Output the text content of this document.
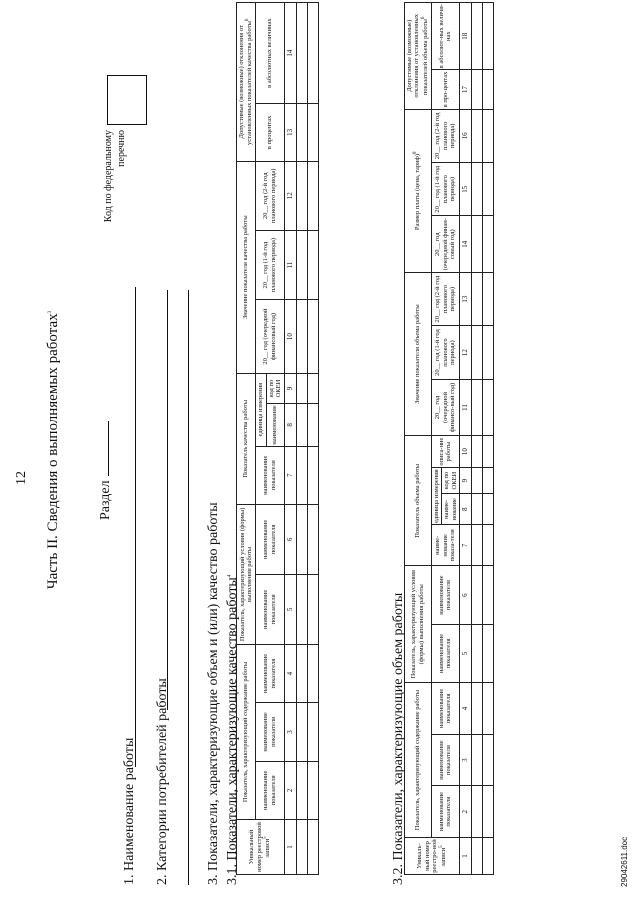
12 Часть II. Сведения о выполняемых работах$^3$
Раздел
Код по федеральному перечню
1. Наименование работы 2. Категории потребителей работы	3. Показатели, характеризующие объем и (или) качество работы 3.1. Показатели, характеризующие качество работы$^4$
Уникальный номер реестровой записи$^5$	Показатель, характеризующий содержание работы			Показатель, характеризующий условия (формы) выполнения работы		Показатель качества работы			Значение показателя качества работы			Допустимые (возможные) отклонения от установленных показателей качества работы$^6$
	наименование показателя	наименование показателя	наименование показателя	наименование показателя	наименование показателя	наименование показателя	единица измерения		20__ год (очередной финансовый год)	20__ год (1-й год планового периода)	20__ год (2-й год планового периода)	в процентах	в абсолютных величинах
							наименование	код по ОКЕИ					
1	2	3	4	5	6	7	8	9	10	11	12	13	14

3.2. Показатели, характеризующие объем работы Уникаль-ный номер реестро-вой записи$^5$	Показатель, характеризующий содержание работы			Показатель, характеризующий условия (формы) выполнения работы		Показатель объема работы				Значение показателя объема работы			Размер платы (цена, тариф)$^8$			Допустимые (возможные) отклонения от установленных показателей объема работы$^6$
	наименование показателя	наименование показателя	наименование показателя	наименование показателя	наименование показателя	наиме-нование показа-теля	единица измерения		описа-ние работы	20__ год (очередной финансо-вый год)	20__ год (1-й год планового периода)	20__ год (2-й год планового периода)	20__ год (очередной финан-совый год)	20__ год (1-й год планового периода)	20__ год (2-й год планового периода)	в про-центах	в абсолют-ных величи-нах
							наиме-нование	код по ОКЕИ									
1	2	3	4	5	6	7	8	9	10	11	12	13	14	15	16	17	18

29042611.doc
